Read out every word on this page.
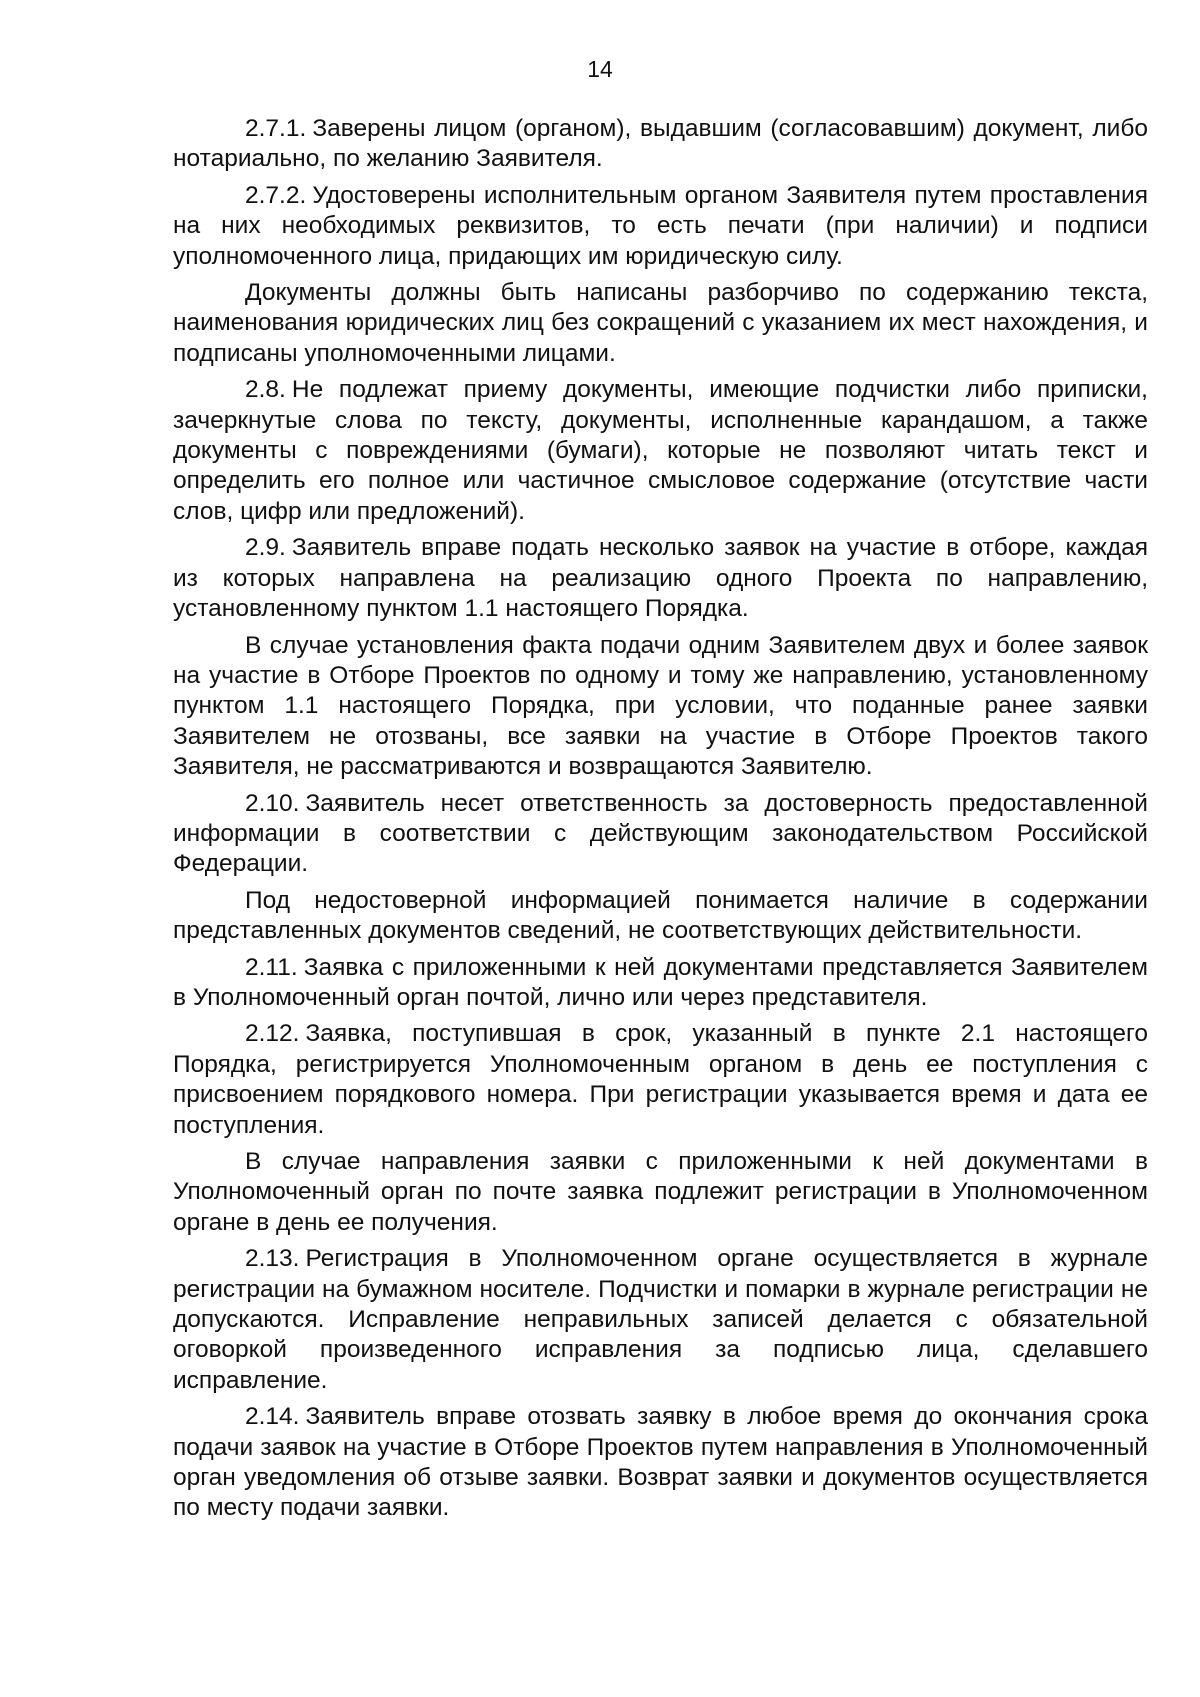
14

2.7.1. Заверены лицом (органом), выдавшим (согласовавшим) документ, либо нотариально, по желанию Заявителя.

2.7.2. Удостоверены исполнительным органом Заявителя путем проставления на них необходимых реквизитов, то есть печати (при наличии) и подписи уполномоченного лица, придающих им юридическую силу.

Документы должны быть написаны разборчиво по содержанию текста, наименования юридических лиц без сокращений с указанием их мест нахождения, и подписаны уполномоченными лицами.

2.8. Не подлежат приему документы, имеющие подчистки либо приписки, зачеркнутые слова по тексту, документы, исполненные карандашом, а также документы с повреждениями (бумаги), которые не позволяют читать текст и определить его полное или частичное смысловое содержание (отсутствие части слов, цифр или предложений).

2.9. Заявитель вправе подать несколько заявок на участие в отборе, каждая из которых направлена на реализацию одного Проекта по направлению, установленному пунктом 1.1 настоящего Порядка.

В случае установления факта подачи одним Заявителем двух и более заявок на участие в Отборе Проектов по одному и тому же направлению, установленному пунктом 1.1 настоящего Порядка, при условии, что поданные ранее заявки Заявителем не отозваны, все заявки на участие в Отборе Проектов такого Заявителя, не рассматриваются и возвращаются Заявителю.

2.10. Заявитель несет ответственность за достоверность предоставленной информации в соответствии с действующим законодательством Российской Федерации.

Под недостоверной информацией понимается наличие в содержании представленных документов сведений, не соответствующих действительности.

2.11. Заявка с приложенными к ней документами представляется Заявителем в Уполномоченный орган почтой, лично или через представителя.

2.12. Заявка, поступившая в срок, указанный в пункте 2.1 настоящего Порядка, регистрируется Уполномоченным органом в день ее поступления с присвоением порядкового номера. При регистрации указывается время и дата ее поступления.

В случае направления заявки с приложенными к ней документами в Уполномоченный орган по почте заявка подлежит регистрации в Уполномоченном органе в день ее получения.

2.13. Регистрация в Уполномоченном органе осуществляется в журнале регистрации на бумажном носителе. Подчистки и помарки в журнале регистрации не допускаются. Исправление неправильных записей делается с обязательной оговоркой произведенного исправления за подписью лица, сделавшего исправление.

2.14. Заявитель вправе отозвать заявку в любое время до окончания срока подачи заявок на участие в Отборе Проектов путем направления в Уполномоченный орган уведомления об отзыве заявки. Возврат заявки и документов осуществляется по месту подачи заявки.
